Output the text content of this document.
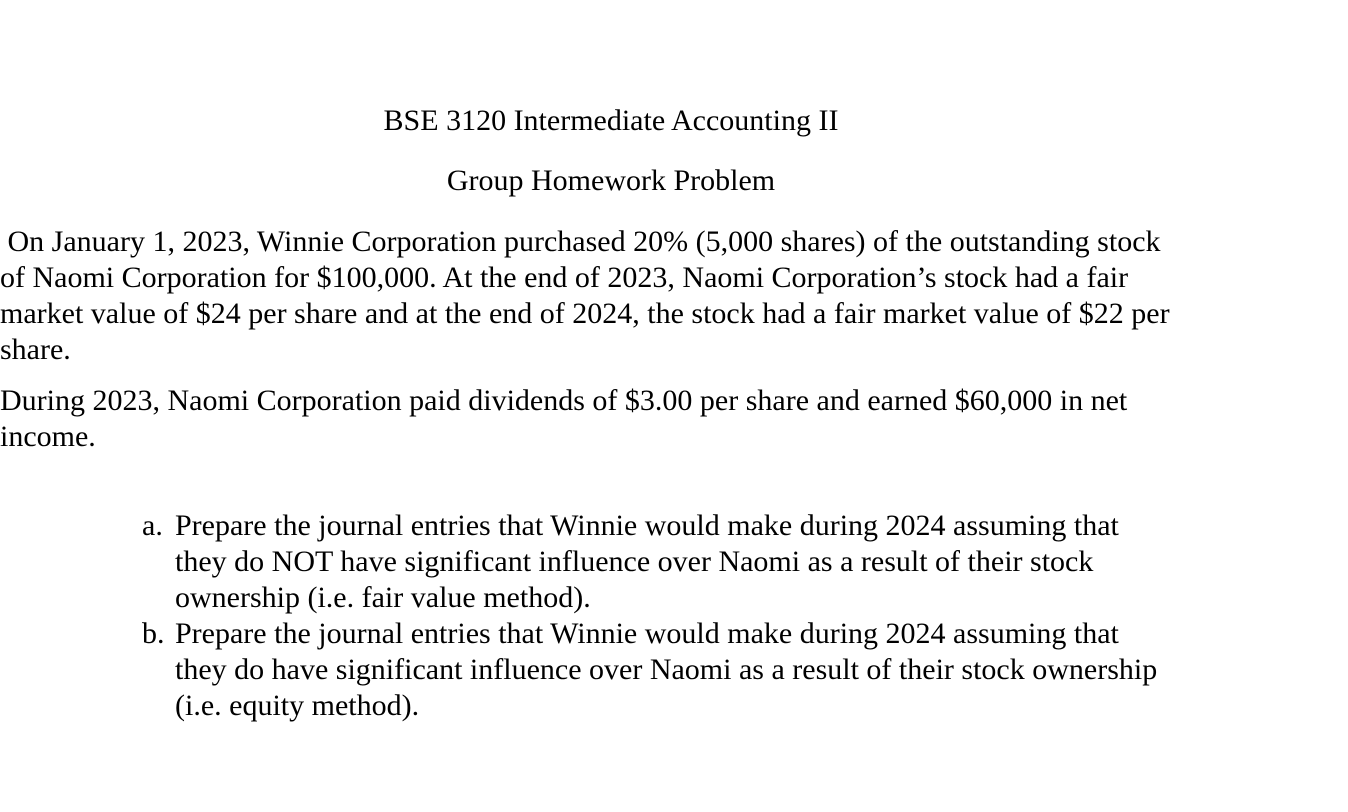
BSE 3120 Intermediate Accounting II
Group Homework Problem

On January 1, 2023, Winnie Corporation purchased 20% (5,000 shares) of the outstanding stock
of Naomi Corporation for $100,000. At the end of 2023, Naomi Corporation’s stock had a fair
market value of $24 per share and at the end of 2024, the stock had a fair market value of $22 per
share.

During 2023, Naomi Corporation paid dividends of $3.00 per share and earned $60,000 in net
income.

a. Prepare the journal entries that Winnie would make during 2024 assuming that
they do NOT have significant influence over Naomi as a result of their stock
ownership (i.e. fair value method).
b. Prepare the journal entries that Winnie would make during 2024 assuming that
they do have significant influence over Naomi as a result of their stock ownership
(i.e. equity method).
